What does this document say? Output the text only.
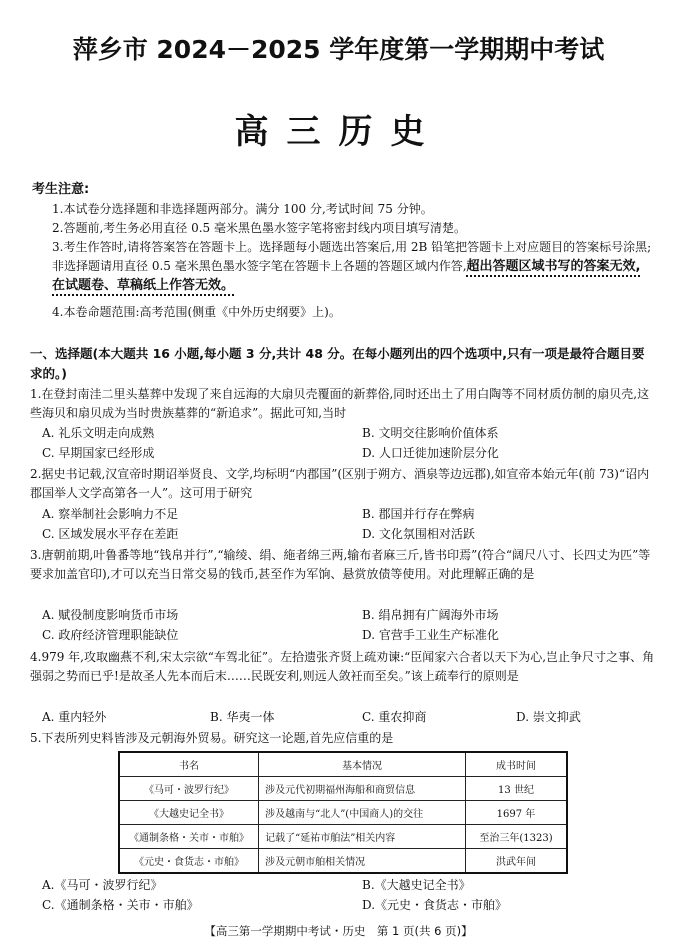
萍乡市 2024－2025 学年度第一学期期中考试
高三历史
考生注意:
1.本试卷分选择题和非选择题两部分。满分 100 分,考试时间 75 分钟。
2.答题前,考生务必用直径 0.5 毫米黑色墨水签字笔将密封线内项目填写清楚。
3.考生作答时,请将答案答在答题卡上。选择题每小题选出答案后,用 2B 铅笔把答题卡上对应题目的答案标号涂黑;非选择题请用直径 0.5 毫米黑色墨水签字笔在答题卡上各题的答题区域内作答,超出答题区域书写的答案无效,在试题卷、草稿纸上作答无效。
4.本卷命题范围:高考范围(侧重《中外历史纲要》上)。
一、选择题(本大题共 16 小题,每小题 3 分,共计 48 分。在每小题列出的四个选项中,只有一项是最符合题目要求的。)
1.在登封南洼二里头墓葬中发现了来自远海的大扇贝壳覆面的新葬俗,同时还出土了用白陶等不同材质仿制的扇贝壳,这些海贝和扇贝成为当时贵族墓葬的“新追求”。据此可知,当时
A. 礼乐文明走向成熟	B. 文明交往影响价值体系
C. 早期国家已经形成	D. 人口迁徙加速阶层分化
2.据史书记载,汉宣帝时期诏举贤良、文学,均标明“内郡国”(区别于朔方、酒泉等边远郡),如宣帝本始元年(前 73)“诏内郡国举人文学高第各一人”。这可用于研究
A. 察举制社会影响力不足	B. 郡国并行存在弊病
C. 区域发展水平存在差距	D. 文化氛围相对活跃
3.唐朝前期,叶鲁番等地“钱帛并行”,“输绫、绢、絁者绵三两,输布者麻三斤,皆书印焉”(符合“阔尺八寸、长四丈为匹”等要求加盖官印),才可以充当日常交易的钱币,甚至作为军饷、悬赏放债等使用。对此理解正确的是
A. 赋役制度影响货币市场	B. 绢帛拥有广阔海外市场
C. 政府经济管理职能缺位	D. 官营手工业生产标准化
4.979 年,攻取幽燕不利,宋太宗欲“车驾北征”。左拾遗张齐贤上疏劝谏:“臣闻家六合者以天下为心,岂止争尺寸之事、角强弱之势而已乎!是故圣人先本而后末……民既安利,则远人敛衽而至矣。”该上疏奉行的原则是
A. 重内轻外	B. 华夷一体	C. 重农抑商	D. 崇文抑武
5.下表所列史料皆涉及元朝海外贸易。研究这一论题,首先应信重的是
书名	基本情况	成书时间
《马可・波罗行纪》	涉及元代初期福州海船和商贸信息	13 世纪
《大越史记全书》	涉及越南与“北人”(中国商人)的交往	1697 年
《通制条格・关市・市舶》	记载了“延祐市舶法”相关内容	至治三年(1323)
《元史・食货志・市舶》	涉及元朝市舶相关情况	洪武年间
A.《马可・波罗行纪》	B.《大越史记全书》
C.《通制条格・关市・市舶》	D.《元史・食货志・市舶》
【高三第一学期期中考试・历史　第 1 页(共 6 页)】
